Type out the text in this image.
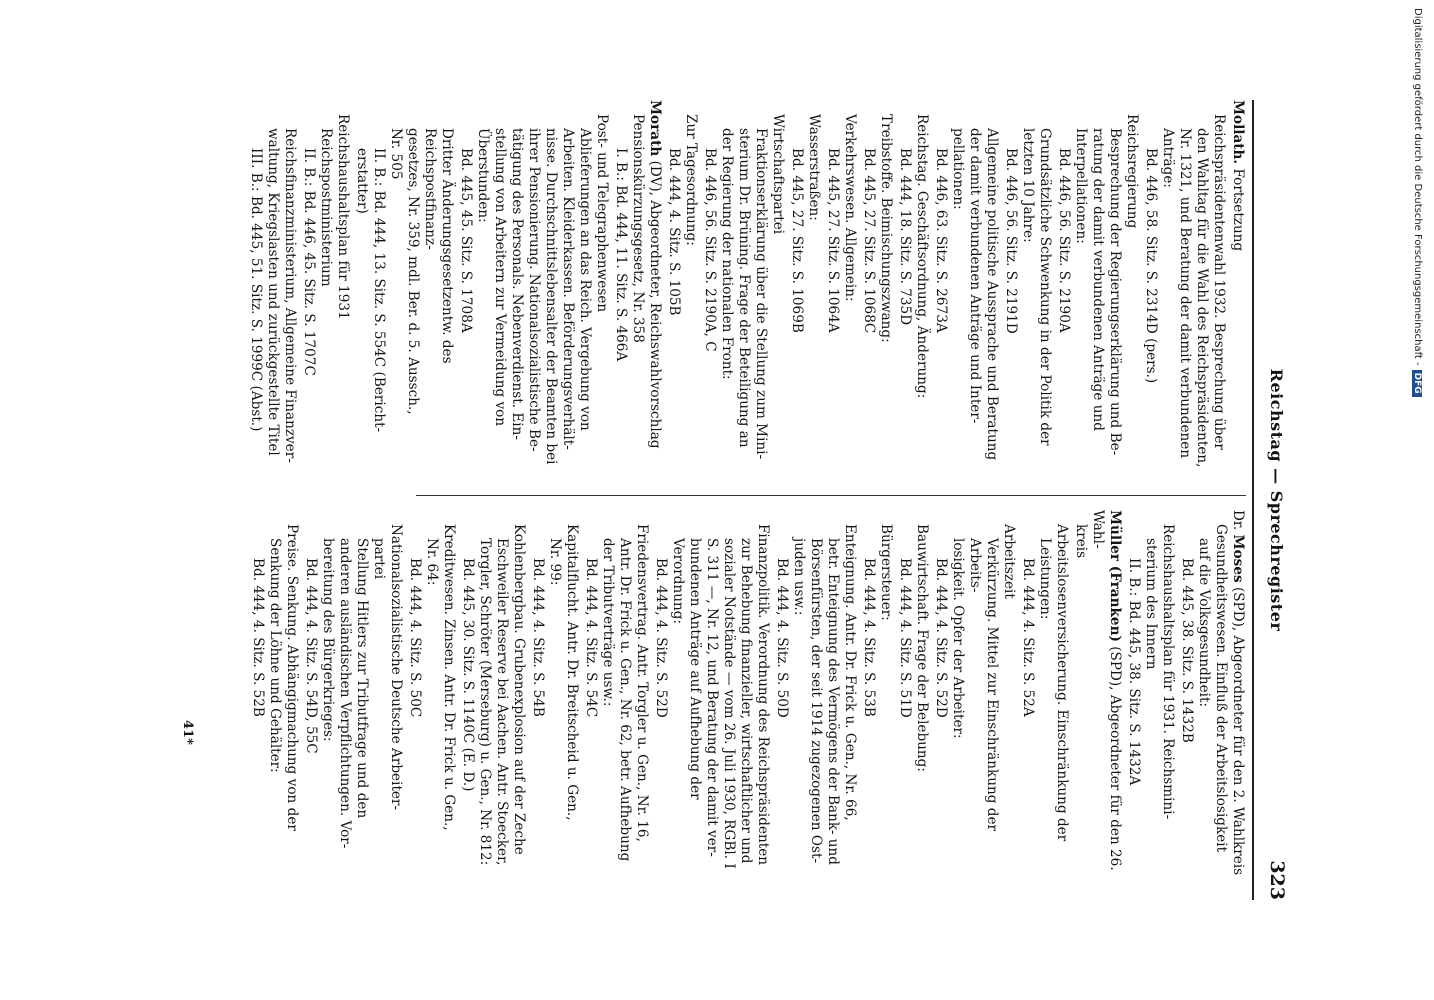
Reichstag — Sprechregister
323
Mollath. Fortsetzung
Reichspräsidentenwahl 1932. Besprechung über
den Wahltag für die Wahl des Reichspräsidenten,
Nr. 1321, und Beratung der damit verbundenen
Anträge:
Bd. 446, 58. Sitz. S. 2314D (pers.)
Reichsregierung
Besprechung der Regierungserklärung und Be-
ratung der damit verbundenen Anträge und
Interpellationen:
Bd. 446, 56. Sitz. S. 2190A
Grundsätzliche Schwenkung in der Politik der
letzten 10 Jahre:
Bd. 446, 56. Sitz. S. 2191D
Allgemeine politische Aussprache und Beratung
der damit verbundenen Anträge und Inter-
pellationen:
Bd. 446, 63. Sitz. S. 2673A
Reichstag. Geschäftsordnung, Änderung:
Bd. 444, 18. Sitz. S. 735D
Treibstoffe. Beimischungszwang:
Bd. 445, 27. Sitz. S. 1068C
Verkehrswesen. Allgemein:
Bd. 445, 27. Sitz. S. 1064A
Wasserstraßen:
Bd. 445, 27. Sitz. S. 1069B
Wirtschaftspartei
Fraktionserklärung über die Stellung zum Mini-
sterium Dr. Brüning. Frage der Beteiligung an
der Regierung der nationalen Front:
Bd. 446, 56. Sitz. S. 2190A, C
Zur Tagesordnung:
Bd. 444, 4. Sitz. S. 105B
Morath (DV), Abgeordneter, Reichswahlvorschlag
Pensionskürzungsgesetz, Nr. 358
I. B.: Bd. 444, 11. Sitz. S. 466A
Post- und Telegraphenwesen
Ablieferungen an das Reich. Vergebung von
Arbeiten. Kleiderkassen. Beförderungsverhält-
nisse. Durchschnittslebensalter der Beamten bei
ihrer Pensionierung. Nationalsozialistische Be-
tätigung des Personals. Nebenverdienst. Ein-
stellung von Arbeitern zur Vermeidung von
Überstunden:
Bd. 445, 45. Sitz. S. 1708A
Dritter Änderungsgesetzentw. des Reichspostfinanz-
gesetzes, Nr. 359, mdl. Ber. d. 5. Aussch.,
Nr. 505
II. B.: Bd. 444, 13. Sitz. S. 554C (Bericht-
erstatter)
Reichshaushaltsplan für 1931
Reichspostministerium
II. B.: Bd. 446, 45. Sitz. S. 1707C
Reichsfinanzministerium, Allgemeine Finanzver-
waltung, Kriegslasten und zurückgestellte Titel
III. B.: Bd. 445, 51. Sitz. S. 1999C (Abst.)
Dr. Moses (SPD), Abgeordneter für den 2. Wahlkreis
Gesundheitswesen. Einfluß der Arbeitslosigkeit
auf die Volksgesundheit:
Bd. 445, 38. Sitz. S. 1432B
Reichshaushaltsplan für 1931. Reichsmini-
sterium des Innern
II. B.: Bd. 445, 38. Sitz. S. 1432A
Müller (Franken) (SPD), Abgeordneter für den 26. Wahl-
kreis
Arbeitslosenversicherung. Einschränkung der
Leistungen:
Bd. 444, 4. Sitz. S. 52A
Arbeitszeit
Verkürzung. Mittel zur Einschränkung der Arbeits-
losigkeit. Opfer der Arbeiter:
Bd. 444, 4. Sitz. S. 52D
Bauwirtschaft. Frage der Belebung:
Bd. 444, 4. Sitz. S. 51D
Bürgersteuer:
Bd. 444, 4. Sitz. S. 53B
Enteignung. Antr. Dr. Frick u. Gen., Nr. 66,
betr. Enteignung des Vermögens der Bank- und
Börsenfürsten, der seit 1914 zugezogenen Ost-
juden usw.:
Bd. 444, 4. Sitz. S. 50D
Finanzpolitik. Verordnung des Reichspräsidenten
zur Behebung finanzieller, wirtschaftlicher und
sozialer Notstände — vom 26. Juli 1930, RGBl. I
S. 311 —, Nr. 12, und Beratung der damit ver-
bundenen Anträge auf Aufhebung der Verordnung:
Bd. 444, 4. Sitz. S. 52D
Friedensvertrag. Antr. Torgler u. Gen., Nr. 16,
Antr. Dr. Frick u. Gen., Nr. 62, betr. Aufhebung
der Tributverträge usw.:
Bd. 444, 4. Sitz. S. 54C
Kapitalflucht. Antr. Dr. Breitscheid u. Gen.,
Nr. 99:
Bd. 444, 4. Sitz. S. 54B
Kohlenbergbau. Grubenexplosion auf der Zeche
Eschweiler Reserve bei Aachen. Antr. Stoecker,
Torgler, Schröter (Merseburg) u. Gen., Nr. 812:
Bd. 445, 30. Sitz. S. 1140C (E. D.)
Kreditwesen. Zinsen. Antr. Dr. Frick u. Gen.,
Nr. 64:
Bd. 444, 4. Sitz. S. 50C
Nationalsozialistische Deutsche Arbeiter-
partei
Stellung Hitlers zur Tributfrage und den
anderen ausländischen Verpflichtungen. Vor-
bereitung des Bürgerkrieges:
Bd. 444, 4. Sitz. S. 54D, 55C
Preise. Senkung. Abhängigmachung von der
Senkung der Löhne und Gehälter:
Bd. 444, 4. Sitz. S. 52B
41*
Digitalisierung gefördert durch die Deutsche Forschungsgemeinschaft -DFG
